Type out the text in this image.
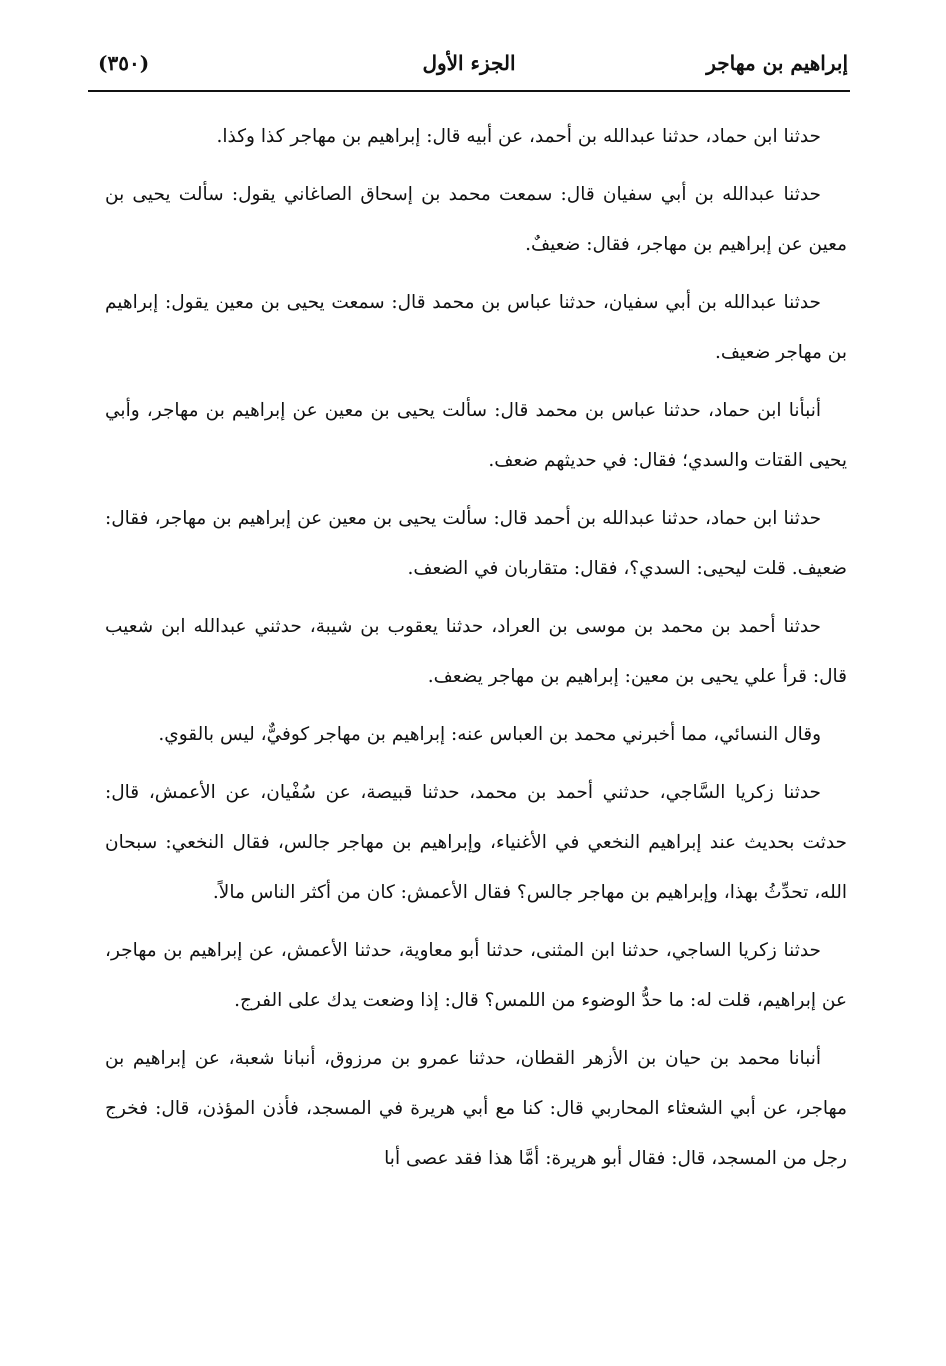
إبراهيم بن مهاجر
الجزء الأول
(٣٥٠)

حدثنا ابن حماد، حدثنا عبدالله بن أحمد، عن أبيه قال: إبراهيم بن مهاجر كذا وكذا.

حدثنا عبدالله بن أبي سفيان قال: سمعت محمد بن إسحاق الصاغاني يقول: سألت يحيى بن معين عن إبراهيم بن مهاجر، فقال: ضعيفٌ.

حدثنا عبدالله بن أبي سفيان، حدثنا عباس بن محمد قال: سمعت يحيى بن معين يقول: إبراهيم بن مهاجر ضعيف.

أنبأنا ابن حماد، حدثنا عباس بن محمد قال: سألت يحيى بن معين عن إبراهيم بن مهاجر، وأبي يحيى القتات والسدي؛ فقال: في حديثهم ضعف.

حدثنا ابن حماد، حدثنا عبدالله بن أحمد قال: سألت يحيى بن معين عن إبراهيم بن مهاجر، فقال: ضعيف. قلت ليحيى: السدي؟، فقال: متقاربان في الضعف.

حدثنا أحمد بن محمد بن موسى بن العراد، حدثنا يعقوب بن شيبة، حدثني عبدالله ابن شعيب قال: قرأ علي يحيى بن معين: إبراهيم بن مهاجر يضعف.

وقال النسائي، مما أخبرني محمد بن العباس عنه: إبراهيم بن مهاجر كوفيٌّ، ليس بالقوي.

حدثنا زكريا السَّاجي، حدثني أحمد بن محمد، حدثنا قبيصة، عن سُفْيان، عن الأعمش، قال: حدثت بحديث عند إبراهيم النخعي في الأغنياء، وإبراهيم بن مهاجر جالس، فقال النخعي: سبحان الله، تحدِّثُ بهذا، وإبراهيم بن مهاجر جالس؟ فقال الأعمش: كان من أكثر الناس مالاً.

حدثنا زكريا الساجي، حدثنا ابن المثنى، حدثنا أبو معاوية، حدثنا الأعمش، عن إبراهيم بن مهاجر، عن إبراهيم، قلت له: ما حدُّ الوضوء من اللمس؟ قال: إذا وضعت يدك على الفرج.

أنبانا محمد بن حيان بن الأزهر القطان، حدثنا عمرو بن مرزوق، أنبانا شعبة، عن إبراهيم بن مهاجر، عن أبي الشعثاء المحاربي قال: كنا مع أبي هريرة في المسجد، فأذن المؤذن، قال: فخرج رجل من المسجد، قال: فقال أبو هريرة: أمَّا هذا فقد عصى أبا
